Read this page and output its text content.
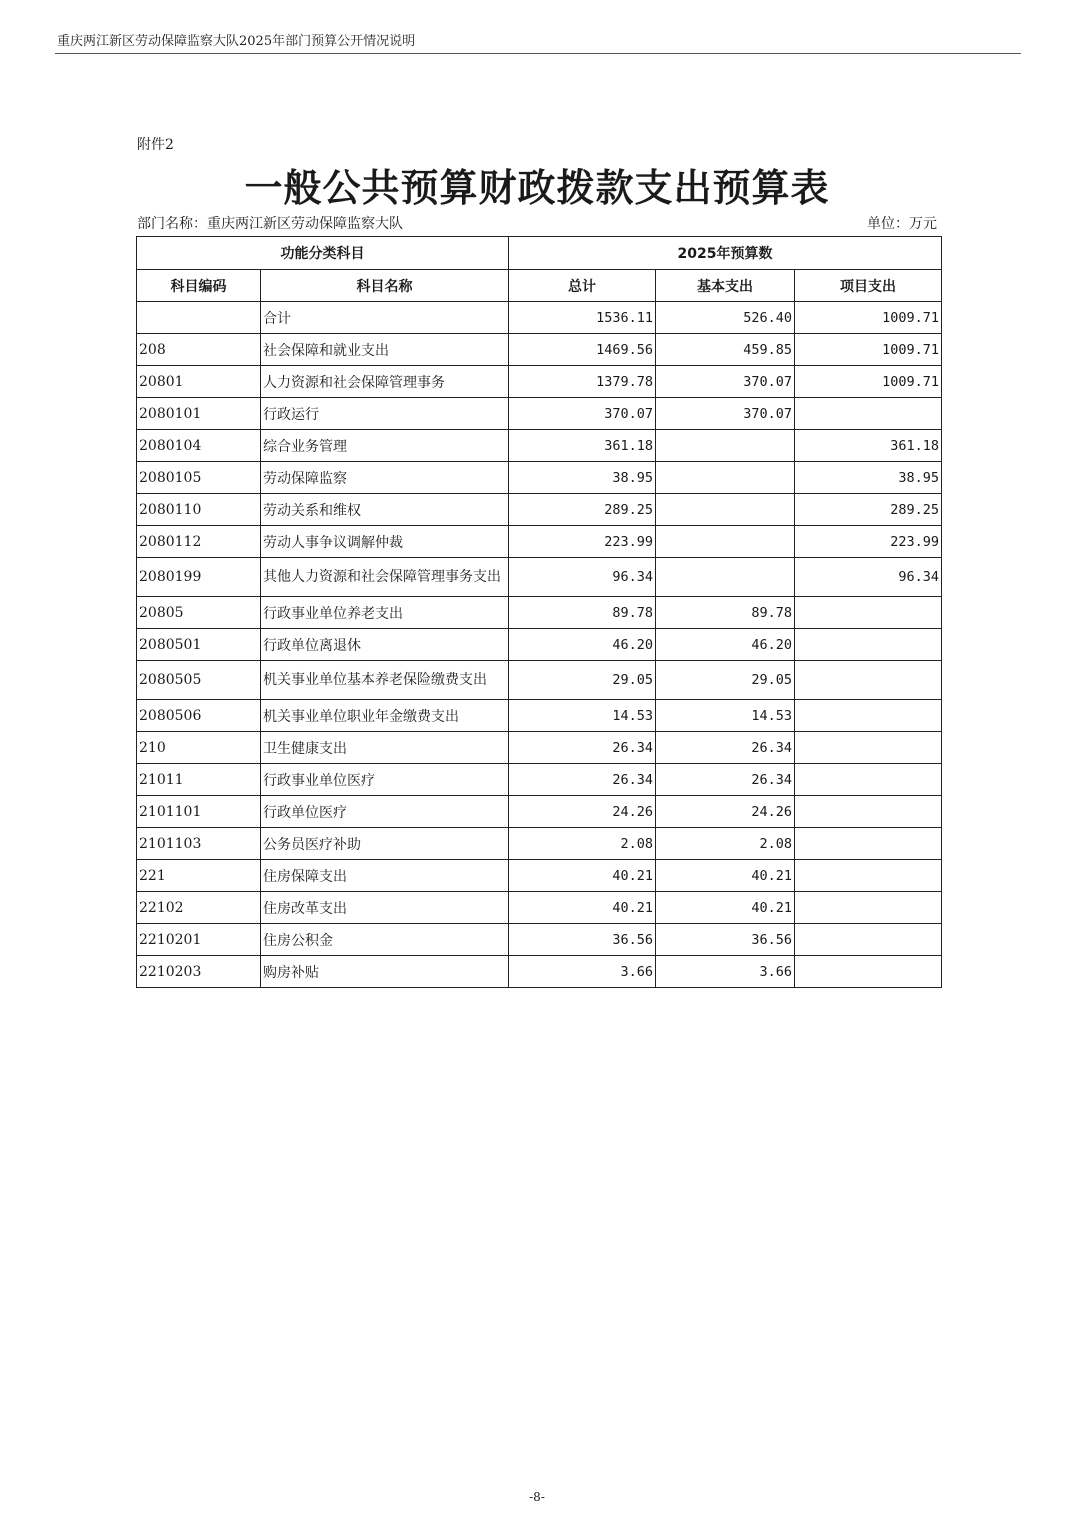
重庆两江新区劳动保障监察大队2025年部门预算公开情况说明
附件2
一般公共预算财政拨款支出预算表
部门名称：重庆两江新区劳动保障监察大队	单位：万元
功能分类科目		2025年预算数		
科目编码	科目名称	总计	基本支出	项目支出
	合计	1536.11	526.40	1009.71
208	社会保障和就业支出	1469.56	459.85	1009.71
20801	人力资源和社会保障管理事务	1379.78	370.07	1009.71
2080101	行政运行	370.07	370.07	
2080104	综合业务管理	361.18		361.18
2080105	劳动保障监察	38.95		38.95
2080110	劳动关系和维权	289.25		289.25
2080112	劳动人事争议调解仲裁	223.99		223.99
2080199	其他人力资源和社会保障管理事务支出	96.34		96.34
20805	行政事业单位养老支出	89.78	89.78	
2080501	行政单位离退休	46.20	46.20	
2080505	机关事业单位基本养老保险缴费支出	29.05	29.05	
2080506	机关事业单位职业年金缴费支出	14.53	14.53	
210	卫生健康支出	26.34	26.34	
21011	行政事业单位医疗	26.34	26.34	
2101101	行政单位医疗	24.26	24.26	
2101103	公务员医疗补助	2.08	2.08	
221	住房保障支出	40.21	40.21	
22102	住房改革支出	40.21	40.21	
2210201	住房公积金	36.56	36.56	
2210203	购房补贴	3.66	3.66	
-8-
